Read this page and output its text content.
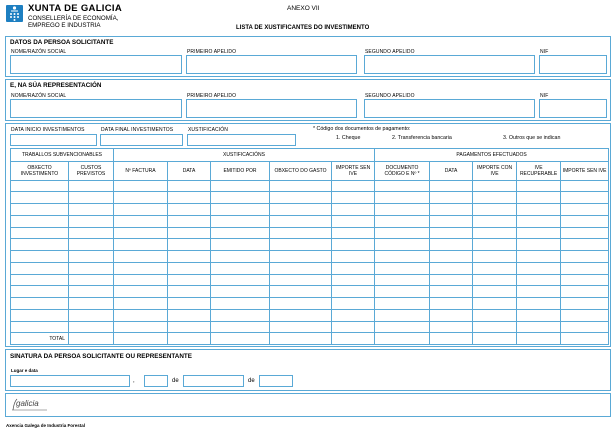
XUNTA DE GALICIA
CONSELLERÍA DE ECONOMÍA,
EMPREGO E INDUSTRIA
ANEXO VII
LISTA DE XUSTIFICANTES DO INVESTIMENTO
DATOS DA PERSOA SOLICITANTE
NOME/RAZÓN SOCIAL	PRIMEIRO APELIDO	SEGUNDO APELIDO	NIF
E, NA SÚA REPRESENTACIÓN
NOME/RAZÓN SOCIAL	PRIMEIRO APELIDO	SEGUNDO APELIDO	NIF
DATA INICIO INVESTIMENTOS	DATA FINAL INVESTIMENTOS	XUSTIFICACIÓN	* Código dos documentos de pagamento:
1. Cheque	2. Transferencia bancaria	3. Outros que se indican
TRABALLOS SUBVENCIONABLES		XUSTIFICACIÓNS					PAGAMENTOS EFECTUADOS				
OBXECTO INVESTIMENTO	CUSTOS PREVISTOS	Nº FACTURA	DATA	EMITIDO POR	OBXECTO DO GASTO	IMPORTE SEN IVE	DOCUMENTO CÓDIGO E Nº *	DATA	IMPORTE CON IVE	IVE RECUPERABLE	IMPORTE SEN IVE

TOTAL											
SINATURA DA PERSOA SOLICITANTE OU REPRESENTANTE
Lugar e data
,	de	de
galicia
Axencia Galega de Industria Forestal
